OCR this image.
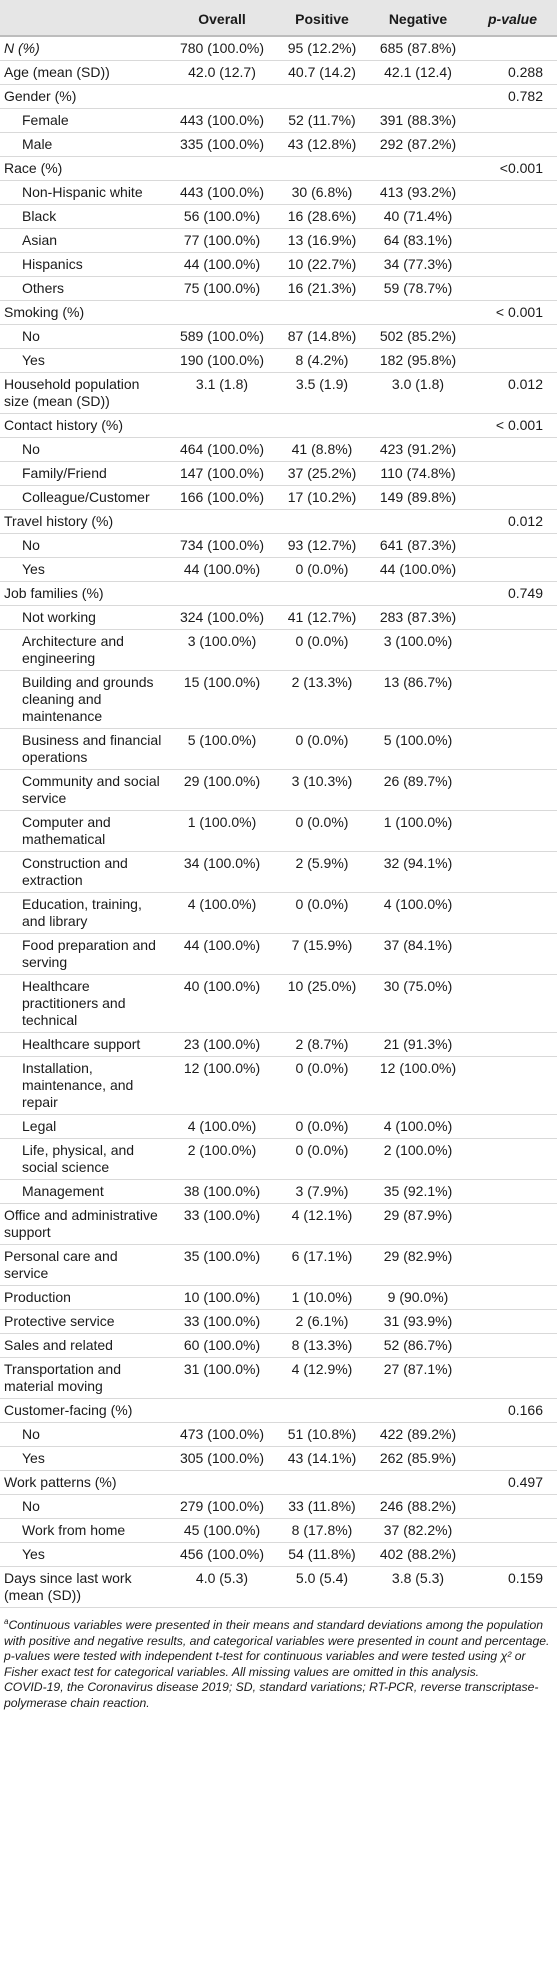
	Overall	Positive	Negative	p-value
N (%)	780 (100.0%)	95 (12.2%)	685 (87.8%)	
Age (mean (SD))	42.0 (12.7)	40.7 (14.2)	42.1 (12.4)	0.288
Gender (%)				0.782
Female	443 (100.0%)	52 (11.7%)	391 (88.3%)	
Male	335 (100.0%)	43 (12.8%)	292 (87.2%)	
Race (%)				<0.001
Non-Hispanic white	443 (100.0%)	30 (6.8%)	413 (93.2%)	
Black	56 (100.0%)	16 (28.6%)	40 (71.4%)	
Asian	77 (100.0%)	13 (16.9%)	64 (83.1%)	
Hispanics	44 (100.0%)	10 (22.7%)	34 (77.3%)	
Others	75 (100.0%)	16 (21.3%)	59 (78.7%)	
Smoking (%)				< 0.001
No	589 (100.0%)	87 (14.8%)	502 (85.2%)	
Yes	190 (100.0%)	8 (4.2%)	182 (95.8%)	
Household population size (mean (SD))	3.1 (1.8)	3.5 (1.9)	3.0 (1.8)	0.012
Contact history (%)				< 0.001
No	464 (100.0%)	41 (8.8%)	423 (91.2%)	
Family/Friend	147 (100.0%)	37 (25.2%)	110 (74.8%)	
Colleague/Customer	166 (100.0%)	17 (10.2%)	149 (89.8%)	
Travel history (%)				0.012
No	734 (100.0%)	93 (12.7%)	641 (87.3%)	
Yes	44 (100.0%)	0 (0.0%)	44 (100.0%)	
Job families (%)				0.749
Not working	324 (100.0%)	41 (12.7%)	283 (87.3%)	
Architecture and engineering	3 (100.0%)	0 (0.0%)	3 (100.0%)	
Building and grounds cleaning and maintenance	15 (100.0%)	2 (13.3%)	13 (86.7%)	
Business and financial operations	5 (100.0%)	0 (0.0%)	5 (100.0%)	
Community and social service	29 (100.0%)	3 (10.3%)	26 (89.7%)	
Computer and mathematical	1 (100.0%)	0 (0.0%)	1 (100.0%)	
Construction and extraction	34 (100.0%)	2 (5.9%)	32 (94.1%)	
Education, training, and library	4 (100.0%)	0 (0.0%)	4 (100.0%)	
Food preparation and serving	44 (100.0%)	7 (15.9%)	37 (84.1%)	
Healthcare practitioners and technical	40 (100.0%)	10 (25.0%)	30 (75.0%)	
Healthcare support	23 (100.0%)	2 (8.7%)	21 (91.3%)	
Installation, maintenance, and repair	12 (100.0%)	0 (0.0%)	12 (100.0%)	
Legal	4 (100.0%)	0 (0.0%)	4 (100.0%)	
Life, physical, and social science	2 (100.0%)	0 (0.0%)	2 (100.0%)	
Management	38 (100.0%)	3 (7.9%)	35 (92.1%)	
Office and administrative support	33 (100.0%)	4 (12.1%)	29 (87.9%)	
Personal care and service	35 (100.0%)	6 (17.1%)	29 (82.9%)	
Production	10 (100.0%)	1 (10.0%)	9 (90.0%)	
Protective service	33 (100.0%)	2 (6.1%)	31 (93.9%)	
Sales and related	60 (100.0%)	8 (13.3%)	52 (86.7%)	
Transportation and material moving	31 (100.0%)	4 (12.9%)	27 (87.1%)	
Customer-facing (%)				0.166
No	473 (100.0%)	51 (10.8%)	422 (89.2%)	
Yes	305 (100.0%)	43 (14.1%)	262 (85.9%)	
Work patterns (%)				0.497
No	279 (100.0%)	33 (11.8%)	246 (88.2%)	
Work from home	45 (100.0%)	8 (17.8%)	37 (82.2%)	
Yes	456 (100.0%)	54 (11.8%)	402 (88.2%)	
Days since last work (mean (SD))	4.0 (5.3)	5.0 (5.4)	3.8 (5.3)	0.159

$^a$Continuous variables were presented in their means and standard deviations among the population with positive and negative results, and categorical variables were presented in count and percentage. p-values were tested with independent t-test for continuous variables and were tested using χ² or Fisher exact test for categorical variables. All missing values are omitted in this analysis.

COVID-19, the Coronavirus disease 2019; SD, standard variations; RT-PCR, reverse transcriptase-polymerase chain reaction.
